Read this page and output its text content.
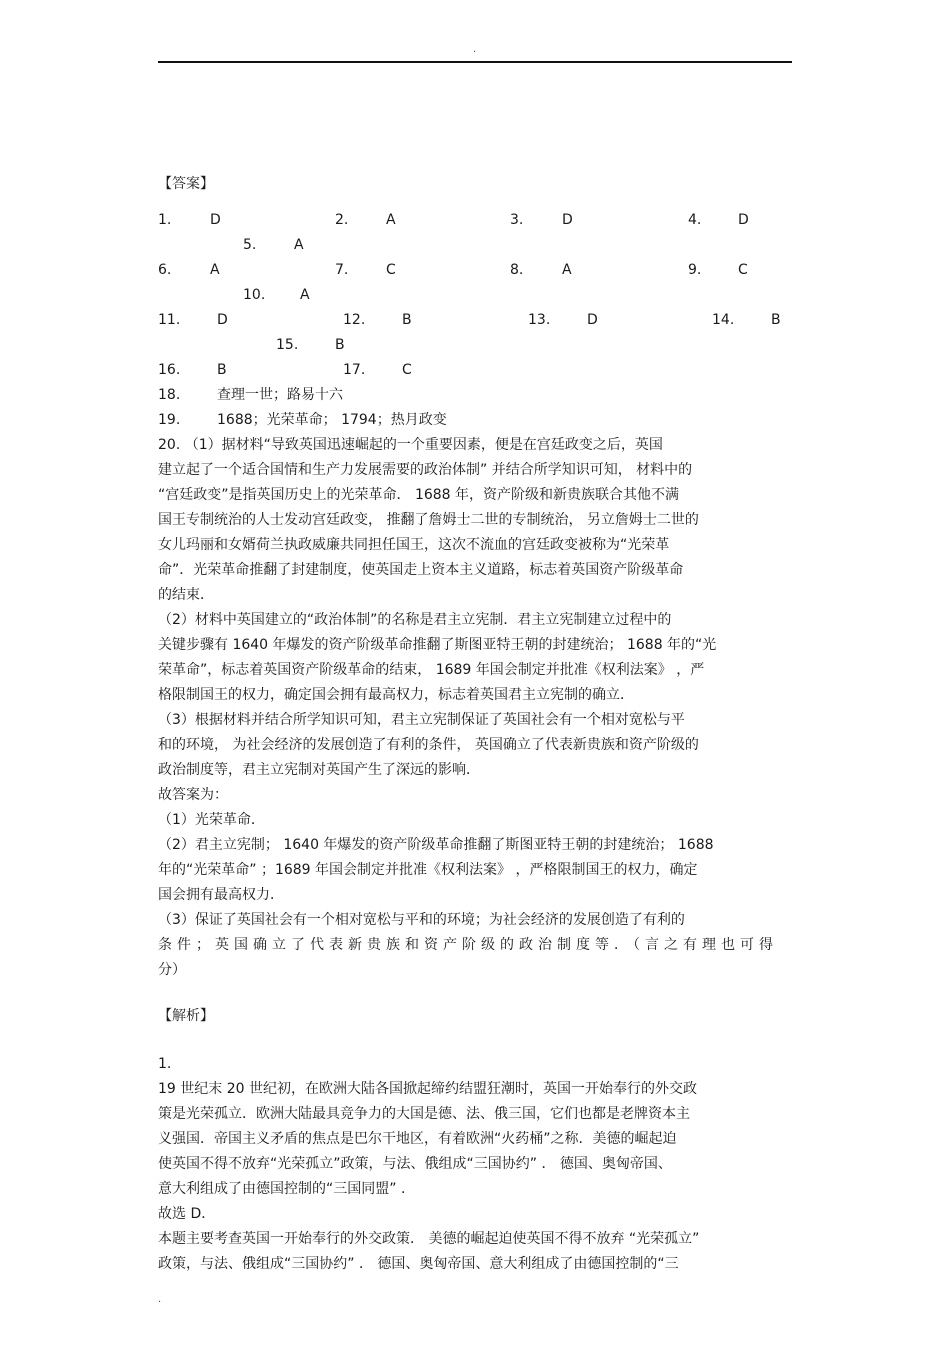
.
【答案】
1.	D	2.	A	3.	D	4.	D
5.	A
6.	A	7.	C	8.	A	9.	C
10. A
11.	D	12.	B	13.	D	14.	B
15.	B
16.	B	17.	C
18.	查理一世；路易十六
19.	1688；光荣革命； 1794；热月政变
20. （1）据材料“导致英国迅速崛起的一个重要因素，便是在宫廷政变之后，英国
建立起了一个适合国情和生产力发展需要的政治体制” 并结合所学知识可知， 材料中的
“宫廷政变”是指英国历史上的光荣革命． 1688 年，资产阶级和新贵族联合其他不满
国王专制统治的人士发动宫廷政变， 推翻了詹姆士二世的专制统治， 另立詹姆士二世的
女儿玛丽和女婿荷兰执政威廉共同担任国王，这次不流血的宫廷政变被称为“光荣革
命”．光荣革命推翻了封建制度，使英国走上资本主义道路，标志着英国资产阶级革命
的结束．
（2）材料中英国建立的“政治体制”的名称是君主立宪制．君主立宪制建立过程中的
关键步骤有 1640 年爆发的资产阶级革命推翻了斯图亚特王朝的封建统治； 1688 年的“光
荣革命”，标志着英国资产阶级革命的结束， 1689 年国会制定并批准《权利法案》 ，严
格限制国王的权力，确定国会拥有最高权力，标志着英国君主立宪制的确立．
（3）根据材料并结合所学知识可知，君主立宪制保证了英国社会有一个相对宽松与平
和的环境， 为社会经济的发展创造了有利的条件， 英国确立了代表新贵族和资产阶级的
政治制度等，君主立宪制对英国产生了深远的影响．
故答案为：
（1）光荣革命．
（2）君主立宪制； 1640 年爆发的资产阶级革命推翻了斯图亚特王朝的封建统治； 1688
年的“光荣革命” ；1689 年国会制定并批准《权利法案》 ，严格限制国王的权力，确定
国会拥有最高权力．
（3）保证了英国社会有一个相对宽松与平和的环境；为社会经济的发展创造了有利的
条件；英国确立了代表新贵族和资产阶级的政治制度等．（言之有理也可得
分）
【解析】
1.
19 世纪末 20 世纪初，在欧洲大陆各国掀起缔约结盟狂潮时，英国一开始奉行的外交政
策是光荣孤立．欧洲大陆最具竞争力的大国是德、法、俄三国，它们也都是老牌资本主
义强国．帝国主义矛盾的焦点是巴尔干地区，有着欧洲“火药桶”之称．美德的崛起迫
使英国不得不放弃“光荣孤立”政策，与法、俄组成“三国协约” ． 德国、奥匈帝国、
意大利组成了由德国控制的“三国同盟” ．
故选 D．
本题主要考查英国一开始奉行的外交政策． 美德的崛起迫使英国不得不放弃 “光荣孤立”
政策，与法、俄组成“三国协约” ． 德国、奥匈帝国、意大利组成了由德国控制的“三
.
